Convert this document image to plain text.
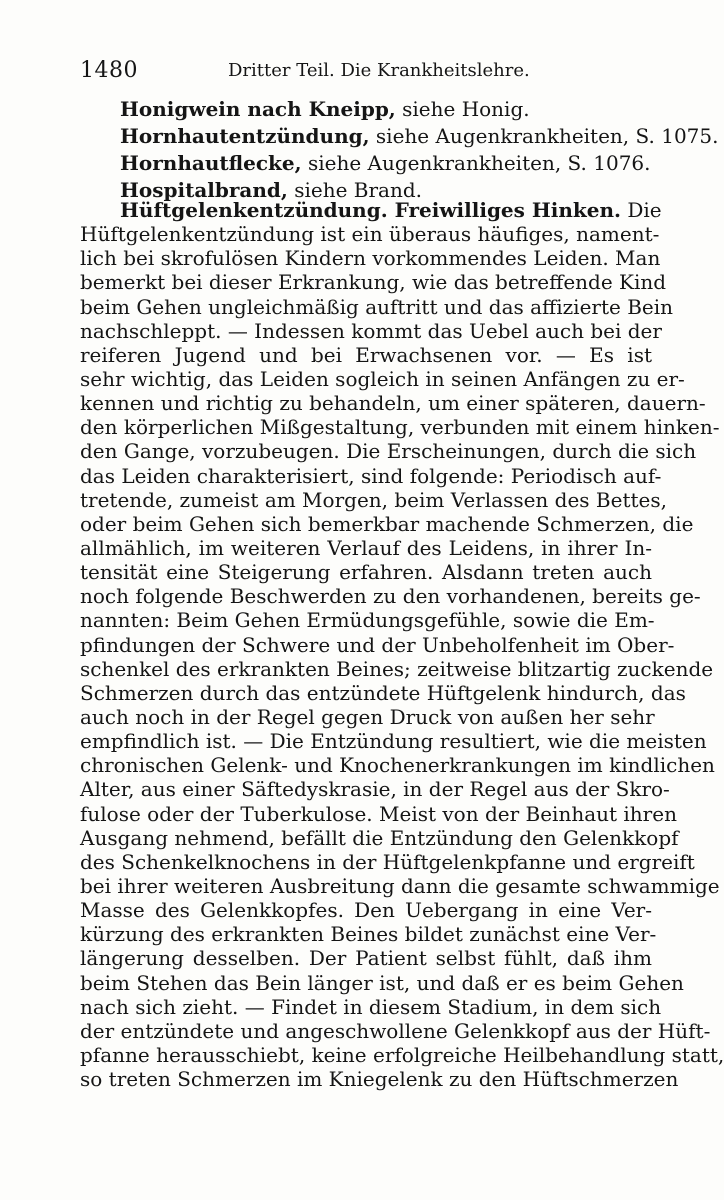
1480	Dritter Teil. Die Krankheitslehre.
Honigwein nach Kneipp, siehe Honig.
Hornhautentzündung, siehe Augenkrankheiten, S. 1075.
Hornhautflecke, siehe Augenkrankheiten, S. 1076.
Hospitalbrand, siehe Brand.
Hüftgelenkentzündung. Freiwilliges Hinken. Die
Hüftgelenkentzündung ist ein überaus häufiges, nament-
lich bei skrofulösen Kindern vorkommendes Leiden. Man
bemerkt bei dieser Erkrankung, wie das betreffende Kind
beim Gehen ungleichmäßig auftritt und das affizierte Bein
nachschleppt. — Indessen kommt das Uebel auch bei der
reiferen Jugend und bei Erwachsenen vor. — Es ist
sehr wichtig, das Leiden sogleich in seinen Anfängen zu er-
kennen und richtig zu behandeln, um einer späteren, dauern-
den körperlichen Mißgestaltung, verbunden mit einem hinken-
den Gange, vorzubeugen. Die Erscheinungen, durch die sich
das Leiden charakterisiert, sind folgende: Periodisch auf-
tretende, zumeist am Morgen, beim Verlassen des Bettes,
oder beim Gehen sich bemerkbar machende Schmerzen, die
allmählich, im weiteren Verlauf des Leidens, in ihrer In-
tensität eine Steigerung erfahren. Alsdann treten auch
noch folgende Beschwerden zu den vorhandenen, bereits ge-
nannten: Beim Gehen Ermüdungsgefühle, sowie die Em-
pfindungen der Schwere und der Unbeholfenheit im Ober-
schenkel des erkrankten Beines; zeitweise blitzartig zuckende
Schmerzen durch das entzündete Hüftgelenk hindurch, das
auch noch in der Regel gegen Druck von außen her sehr
empfindlich ist. — Die Entzündung resultiert, wie die meisten
chronischen Gelenk- und Knochenerkrankungen im kindlichen
Alter, aus einer Säftedyskrasie, in der Regel aus der Skro-
fulose oder der Tuberkulose. Meist von der Beinhaut ihren
Ausgang nehmend, befällt die Entzündung den Gelenkkopf
des Schenkelknochens in der Hüftgelenkpfanne und ergreift
bei ihrer weiteren Ausbreitung dann die gesamte schwammige
Masse des Gelenkkopfes. Den Uebergang in eine Ver-
kürzung des erkrankten Beines bildet zunächst eine Ver-
längerung desselben. Der Patient selbst fühlt, daß ihm
beim Stehen das Bein länger ist, und daß er es beim Gehen
nach sich zieht. — Findet in diesem Stadium, in dem sich
der entzündete und angeschwollene Gelenkkopf aus der Hüft-
pfanne herausschiebt, keine erfolgreiche Heilbehandlung statt,
so treten Schmerzen im Kniegelenk zu den Hüftschmerzen
